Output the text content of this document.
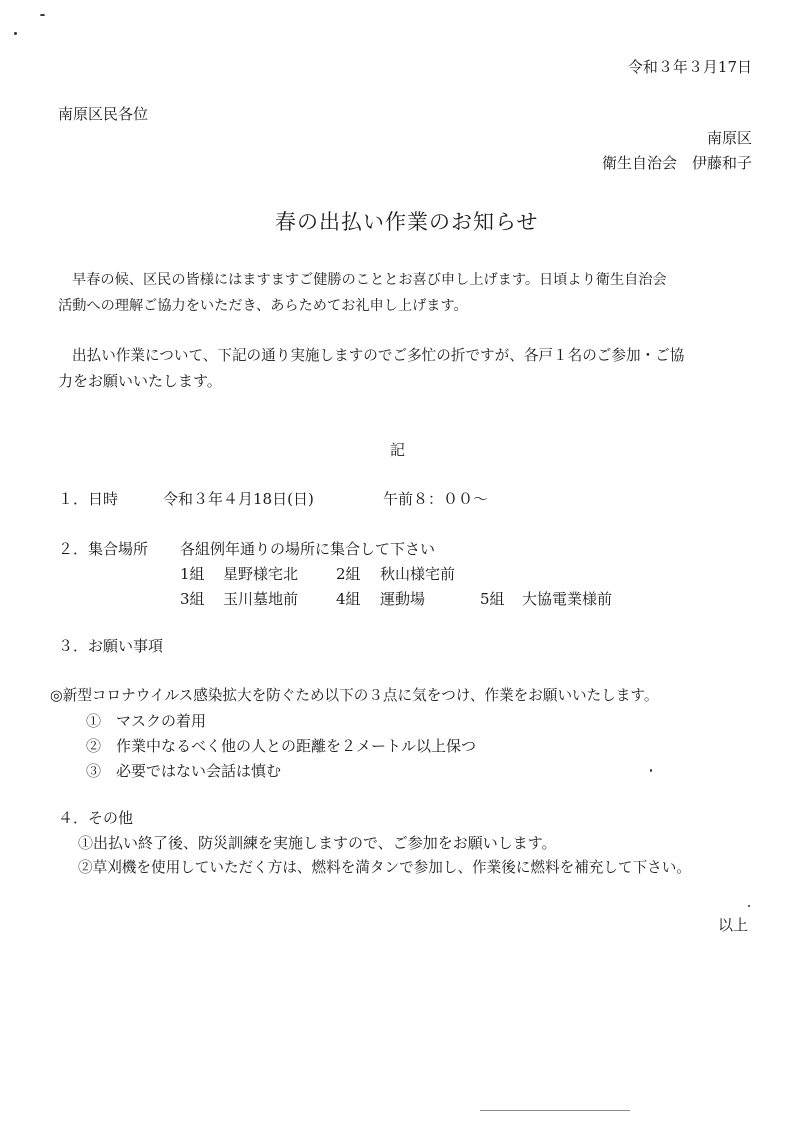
令和３年３月17日
南原区民各位
南原区
衛生自治会　伊藤和子
春の出払い作業のお知らせ
早春の候、区民の皆様にはますますご健勝のこととお喜び申し上げます。日頃より衛生自治会
活動への理解ご協力をいただき、あらためてお礼申し上げます。
出払い作業について、下記の通り実施しますのでご多忙の折ですが、各戸１名のご参加・ご協
力をお願いいたします。
記
１．日時	令和３年４月18日(日)	午前８：００～
２．集合場所 各組例年通りの場所に集合して下さい
1組 星野様宅北	2組 秋山様宅前
3組 玉川墓地前	4組 運動場	5組 大協電業様前
３．お願い事項
◎新型コロナウイルス感染拡大を防ぐため以下の３点に気をつけ、作業をお願いいたします。
①　マスクの着用
②　作業中なるべく他の人との距離を２メートル以上保つ
③　必要ではない会話は慎む
４．その他
①出払い終了後、防災訓練を実施しますので、ご参加をお願いします。
②草刈機を使用していただく方は、燃料を満タンで参加し、作業後に燃料を補充して下さい。
以上
